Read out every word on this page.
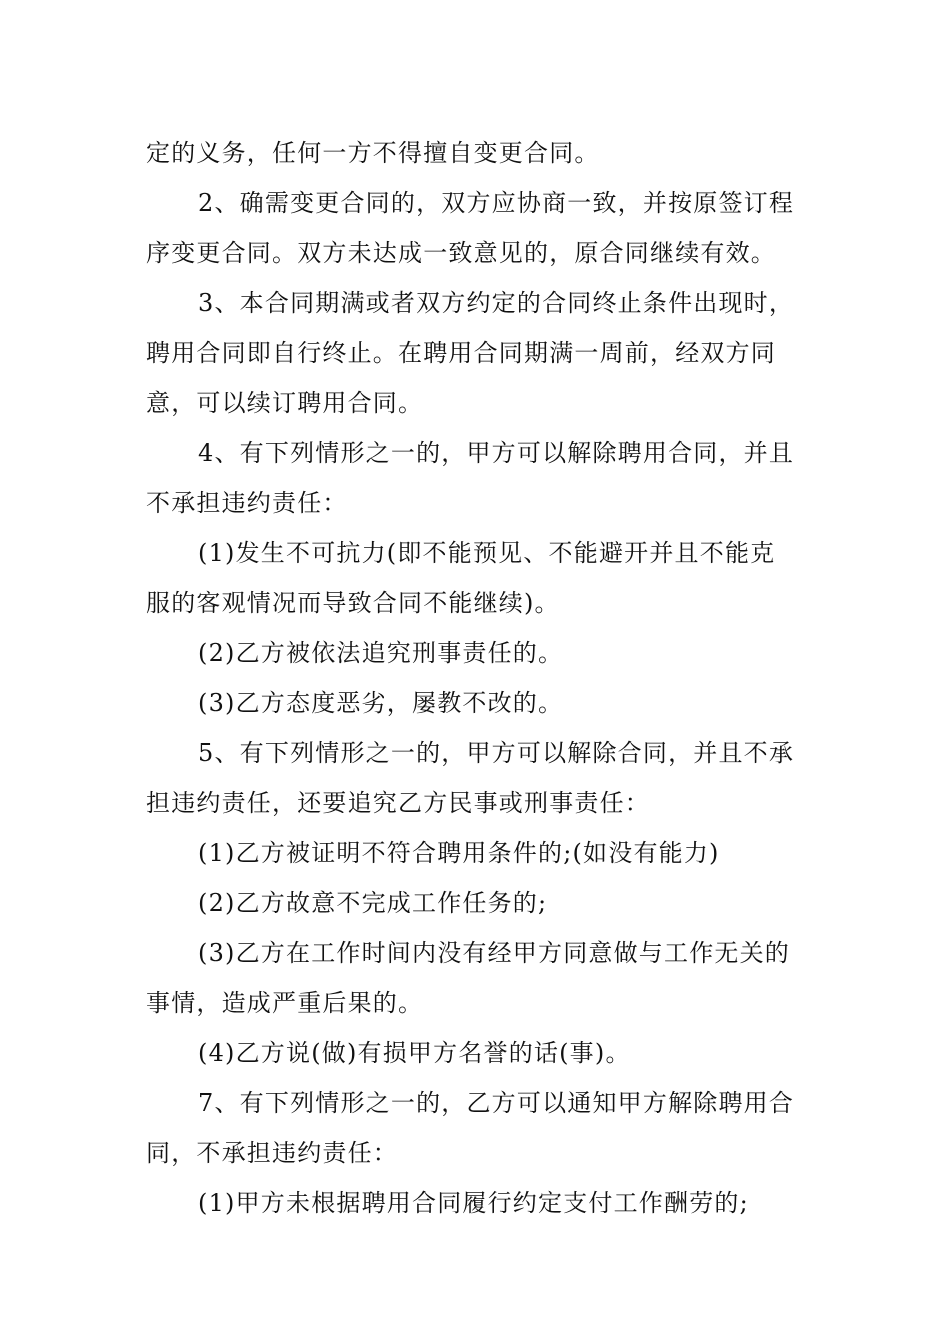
定的义务，任何一方不得擅自变更合同。
2、确需变更合同的，双方应协商一致，并按原签订程
序变更合同。双方未达成一致意见的，原合同继续有效。
3、本合同期满或者双方约定的合同终止条件出现时，
聘用合同即自行终止。在聘用合同期满一周前，经双方同
意，可以续订聘用合同。
4、有下列情形之一的，甲方可以解除聘用合同，并且
不承担违约责任：
(1)发生不可抗力(即不能预见、不能避开并且不能克
服的客观情况而导致合同不能继续)。
(2)乙方被依法追究刑事责任的。
(3)乙方态度恶劣，屡教不改的。
5、有下列情形之一的，甲方可以解除合同，并且不承
担违约责任，还要追究乙方民事或刑事责任：
(1)乙方被证明不符合聘用条件的;(如没有能力)
(2)乙方故意不完成工作任务的;
(3)乙方在工作时间内没有经甲方同意做与工作无关的
事情，造成严重后果的。
(4)乙方说(做)有损甲方名誉的话(事)。
7、有下列情形之一的，乙方可以通知甲方解除聘用合
同，不承担违约责任：
(1)甲方未根据聘用合同履行约定支付工作酬劳的;
